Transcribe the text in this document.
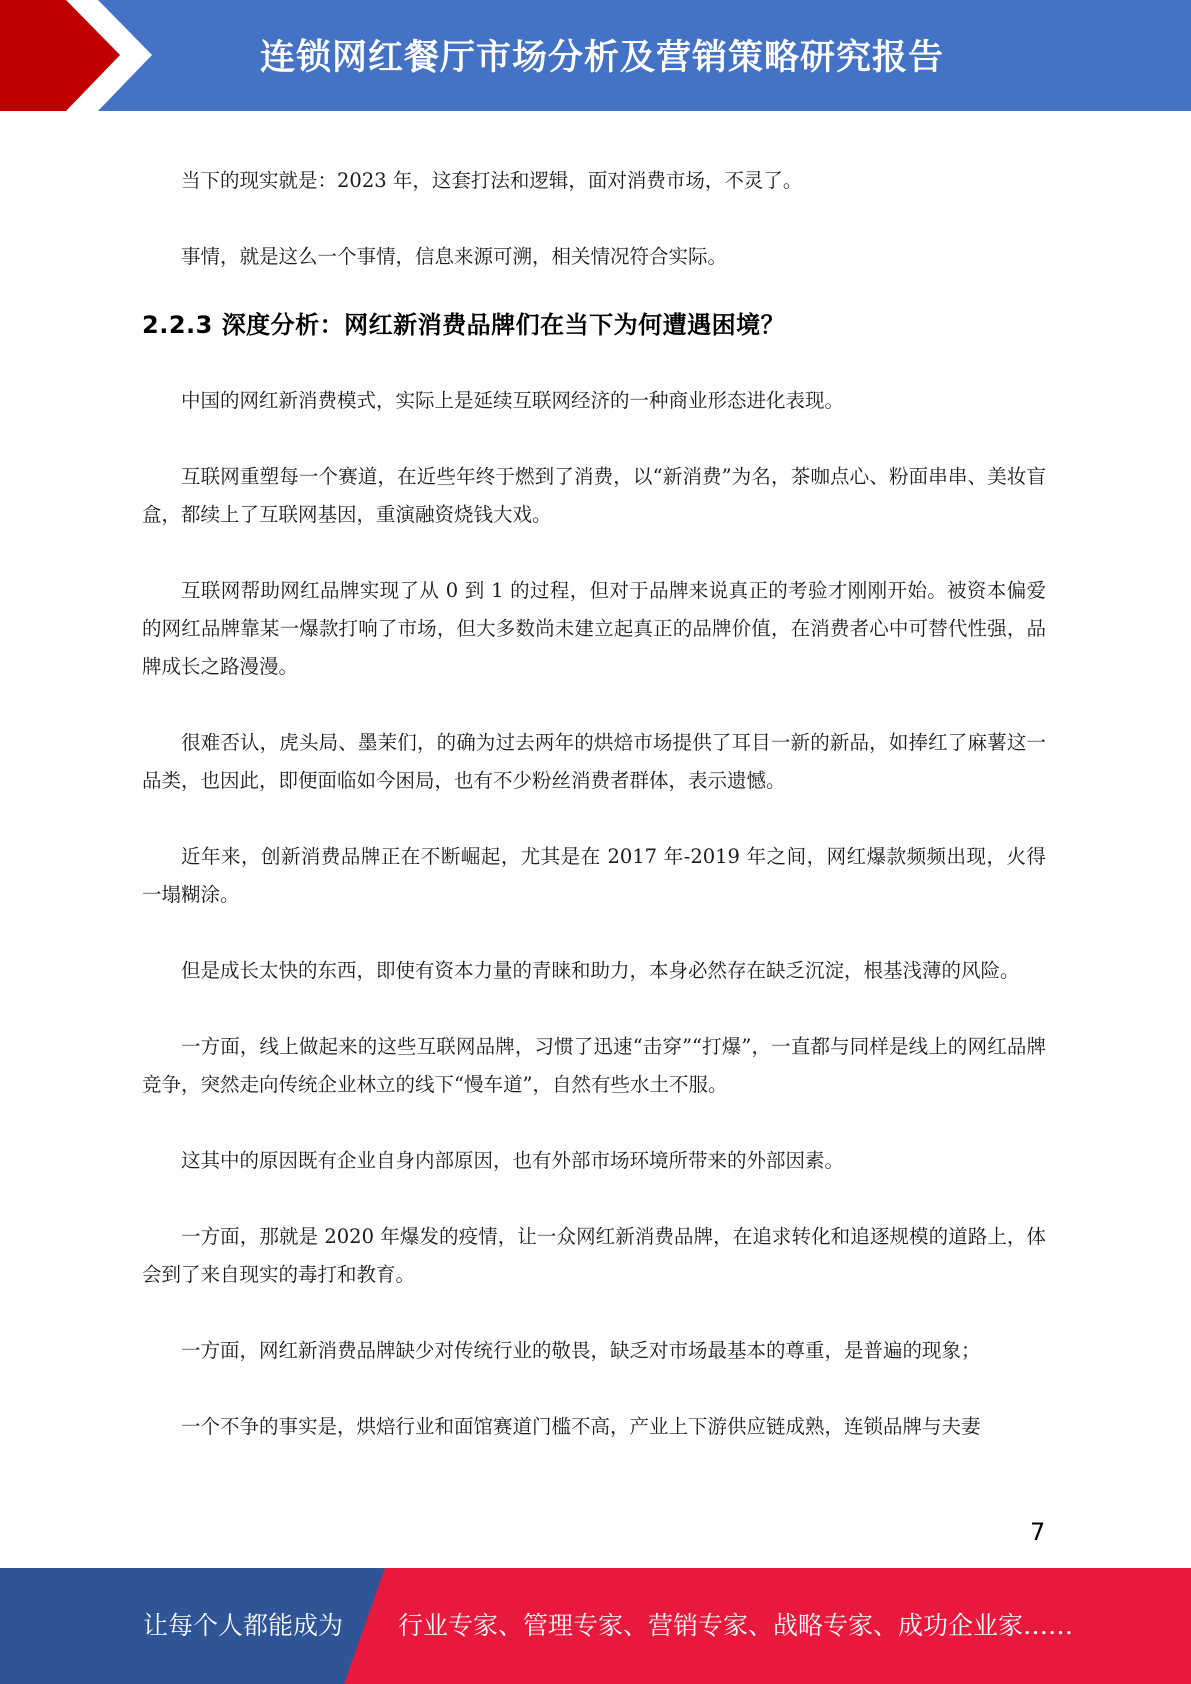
连锁网红餐厅市场分析及营销策略研究报告

当下的现实就是：2023 年，这套打法和逻辑，面对消费市场，不灵了。

事情，就是这么一个事情，信息来源可溯，相关情况符合实际。

2.2.3 深度分析：网红新消费品牌们在当下为何遭遇困境？

中国的网红新消费模式，实际上是延续互联网经济的一种商业形态进化表现。

互联网重塑每一个赛道，在近些年终于燃到了消费，以“新消费”为名，茶咖点心、粉面串串、美妆盲盒，都续上了互联网基因，重演融资烧钱大戏。

互联网帮助网红品牌实现了从 0 到 1 的过程，但对于品牌来说真正的考验才刚刚开始。被资本偏爱的网红品牌靠某一爆款打响了市场，但大多数尚未建立起真正的品牌价值，在消费者心中可替代性强，品牌成长之路漫漫。

很难否认，虎头局、墨茉们，的确为过去两年的烘焙市场提供了耳目一新的新品，如捧红了麻薯这一品类，也因此，即便面临如今困局，也有不少粉丝消费者群体，表示遗憾。

近年来，创新消费品牌正在不断崛起，尤其是在 2017 年-2019 年之间，网红爆款频频出现，火得一塌糊涂。

但是成长太快的东西，即使有资本力量的青睐和助力，本身必然存在缺乏沉淀，根基浅薄的风险。

一方面，线上做起来的这些互联网品牌，习惯了迅速“击穿”“打爆”，一直都与同样是线上的网红品牌竞争，突然走向传统企业林立的线下“慢车道”，自然有些水土不服。

这其中的原因既有企业自身内部原因，也有外部市场环境所带来的外部因素。

一方面，那就是 2020 年爆发的疫情，让一众网红新消费品牌，在追求转化和追逐规模的道路上，体会到了来自现实的毒打和教育。

一方面，网红新消费品牌缺少对传统行业的敬畏，缺乏对市场最基本的尊重，是普遍的现象；

一个不争的事实是，烘焙行业和面馆赛道门槛不高，产业上下游供应链成熟，连锁品牌与夫妻

7
让每个人都能成为 行业专家、管理专家、营销专家、战略专家、成功企业家……
